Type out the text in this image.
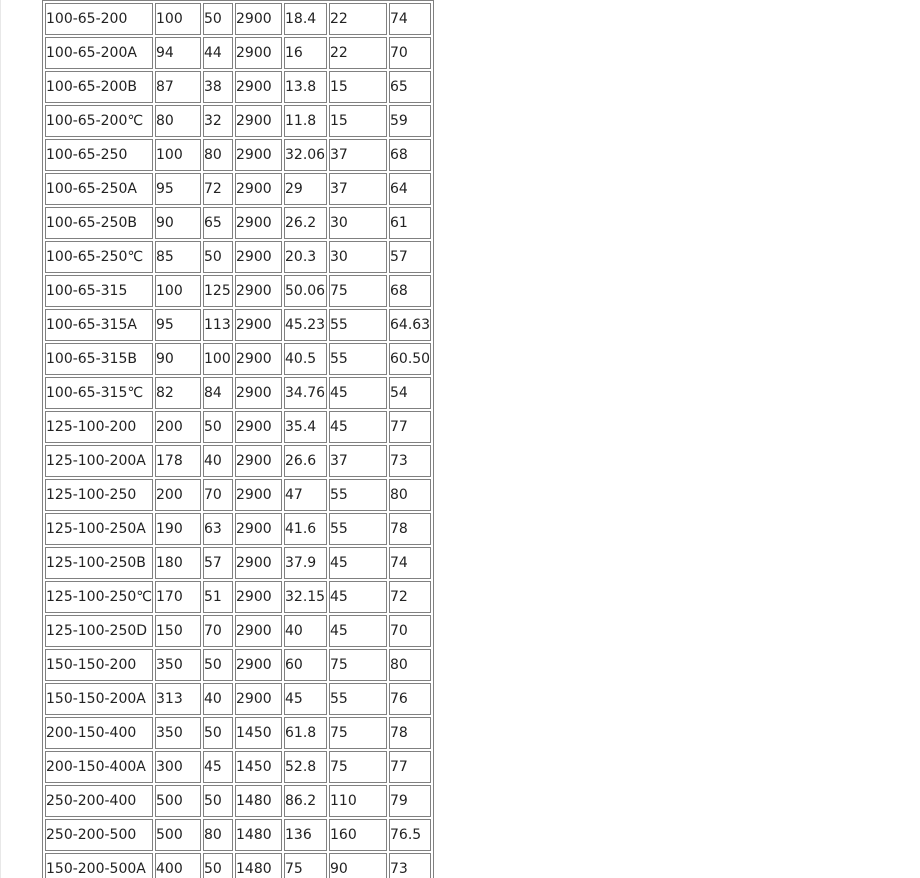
100-65-200	100	50	2900	18.4	22	74
100-65-200A	94	44	2900	16	22	70
100-65-200B	87	38	2900	13.8	15	65
100-65-200℃	80	32	2900	11.8	15	59
100-65-250	100	80	2900	32.06	37	68
100-65-250A	95	72	2900	29	37	64
100-65-250B	90	65	2900	26.2	30	61
100-65-250℃	85	50	2900	20.3	30	57
100-65-315	100	125	2900	50.06	75	68
100-65-315A	95	113	2900	45.23	55	64.63
100-65-315B	90	100	2900	40.5	55	60.50
100-65-315℃	82	84	2900	34.76	45	54
125-100-200	200	50	2900	35.4	45	77
125-100-200A	178	40	2900	26.6	37	73
125-100-250	200	70	2900	47	55	80
125-100-250A	190	63	2900	41.6	55	78
125-100-250B	180	57	2900	37.9	45	74
125-100-250℃	170	51	2900	32.15	45	72
125-100-250D	150	70	2900	40	45	70
150-150-200	350	50	2900	60	75	80
150-150-200A	313	40	2900	45	55	76
200-150-400	350	50	1450	61.8	75	78
200-150-400A	300	45	1450	52.8	75	77
250-200-400	500	50	1480	86.2	110	79
250-200-500	500	80	1480	136	160	76.5
150-200-500A	400	50	1480	75	90	73
